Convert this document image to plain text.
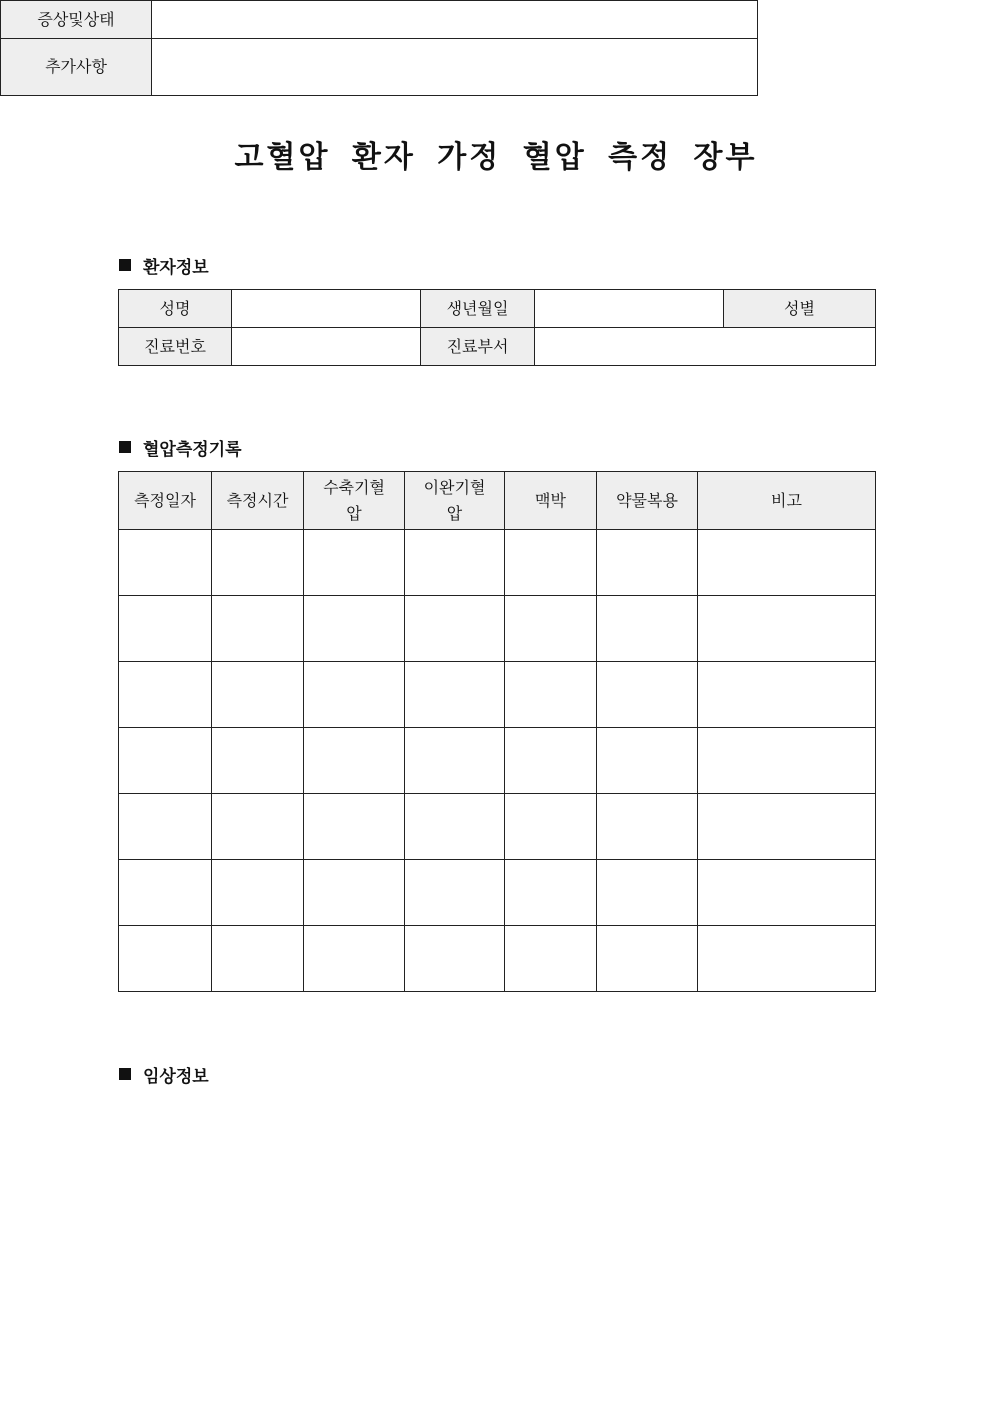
고혈압 환자 가정 혈압 측정 장부
환자정보
성명		생년월일		성별
진료번호		진료부서		
혈압측정기록
측정일자	측정시간	수축기혈압	이완기혈압	맥박	약물복용	비고

임상정보
증상및상태	
추가사항	
